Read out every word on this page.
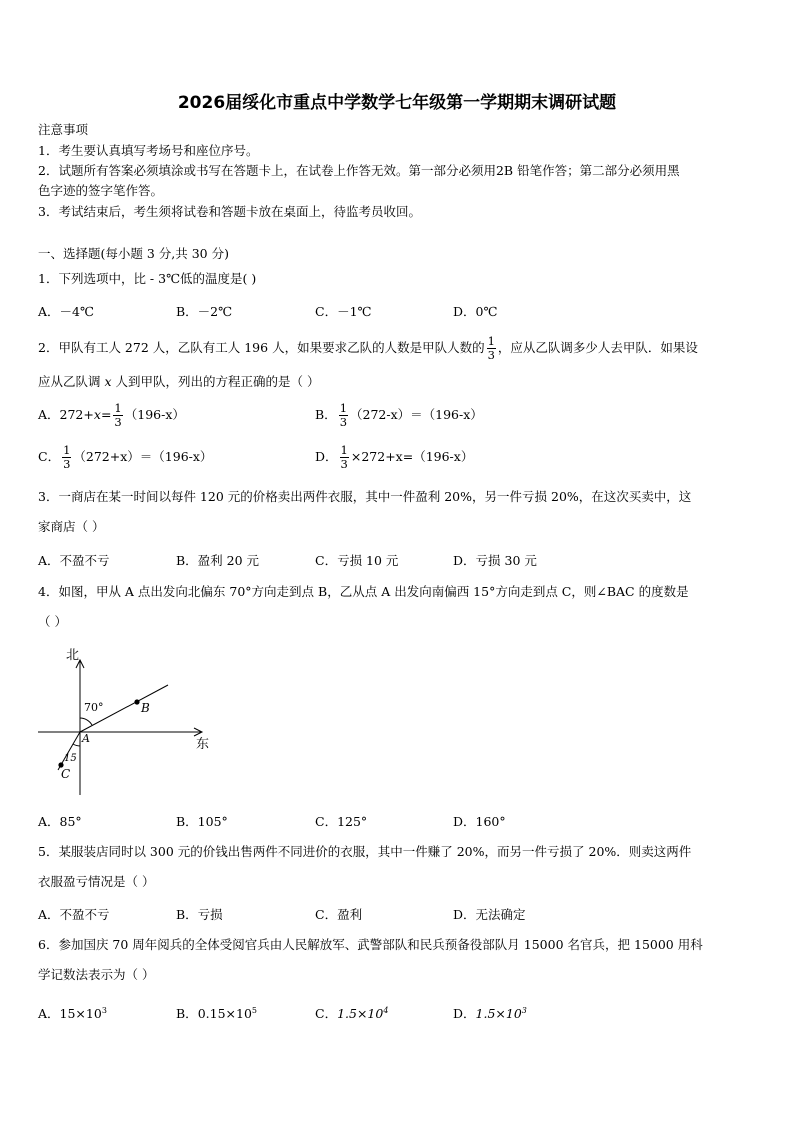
2026届绥化市重点中学数学七年级第一学期期末调研试题
注意事项
1．考生要认真填写考场号和座位序号。
2．试题所有答案必须填涂或书写在答题卡上，在试卷上作答无效。第一部分必须用2B 铅笔作答；第二部分必须用黑
色字迹的签字笔作答。
3．考试结束后，考生须将试卷和答题卡放在桌面上，待监考员收回。
一、选择题(每小题 3 分,共 30 分)
1．下列选项中，比 - 3℃低的温度是( )
A．－4℃	B．－2℃	C．－1℃	D．0℃
2．甲队有工人 272 人，乙队有工人 196 人，如果要求乙队的人数是甲队人数的 $\frac{1}{3}$ ，应从乙队调多少人去甲队．如果设
应从乙队调 x 人到甲队，列出的方程正确的是（ ）
A．$272+x= \frac{1}{3} (196-x)$	B． $\frac{1}{3} (272-x)=(196-x)$
C． $\frac{1}{3} (272+x)=(196-x)$	D． $\frac{1}{3} \times 272+x=(196-x)$
3．一商店在某一时间以每件 120 元的价格卖出两件衣服，其中一件盈利 20%，另一件亏损 20%，在这次买卖中，这
家商店（ ）
A．不盈不亏	B．盈利 20 元	C．亏损 10 元	D．亏损 30 元
4．如图，甲从 A 点出发向北偏东 70°方向走到点 B，乙从点 A 出发向南偏西 15°方向走到点 C，则∠BAC 的度数是
（ ）
北
东
70°
15
A
B
C
A．85°	B．105°	C．125°	D．160°
5．某服装店同时以 300 元的价钱出售两件不同进价的衣服，其中一件赚了 20%，而另一件亏损了 20%．则卖这两件
衣服盈亏情况是（ ）
A．不盈不亏	B．亏损	C．盈利	D．无法确定
6．参加国庆 70 周年阅兵的全体受阅官兵由人民解放军、武警部队和民兵预备役部队月 15000 名官兵，把 15000 用科
学记数法表示为（ ）
A．$15\times 10^3$	B．$0.15\times 10^5$	C．$1.5\times 10^4$	D．$1.5\times 10^3$
